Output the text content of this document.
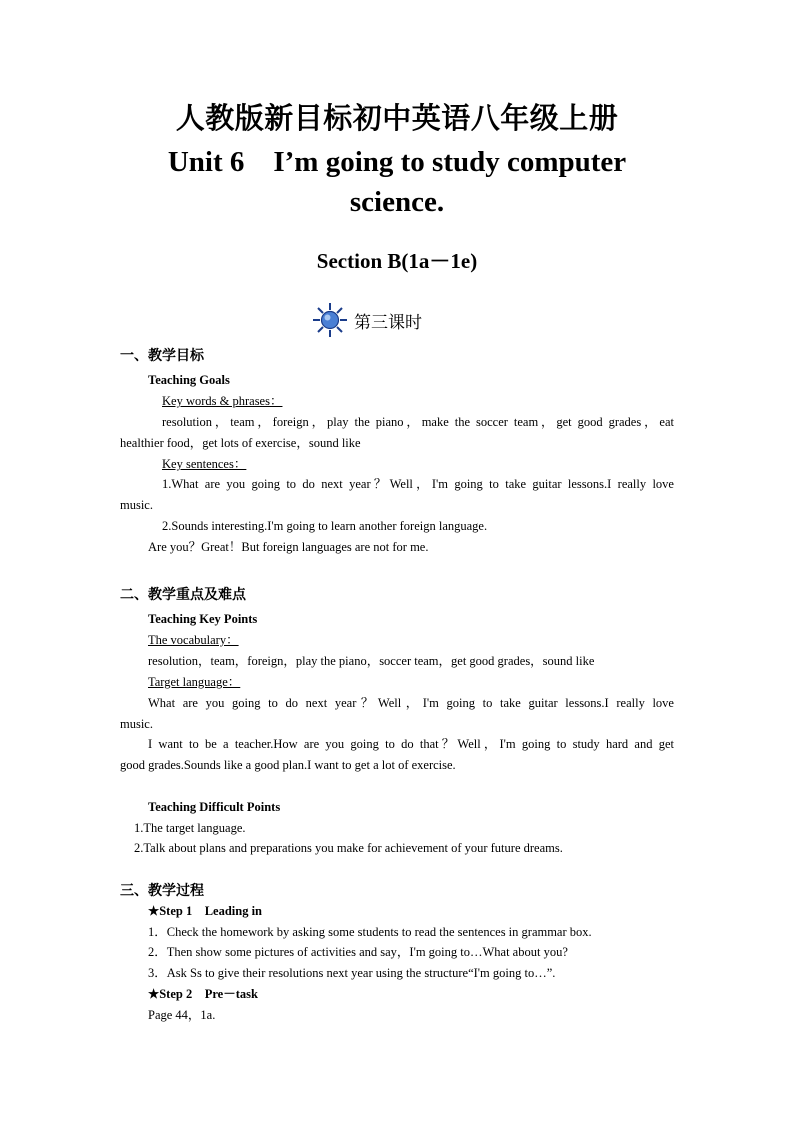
人教版新目标初中英语八年级上册
Unit 6　I’m going to study computer
science.
Section B(1a－1e)
第三课时
一、教学目标
Teaching Goals
Key words & phrases：
resolution，team，foreign，play the piano，make the soccer team，get good grades，eat
healthier food，get lots of exercise，sound like
Key sentences：
1.What are you going to do next year？Well，I'm going to take guitar lessons.I really love
music.
2.Sounds interesting.I'm going to learn another foreign language.
Are you？Great！But foreign languages are not for me.
二、教学重点及难点
Teaching Key Points
The vocabulary：
resolution，team，foreign，play the piano，soccer team，get good grades，sound like
Target language：
What are you going to do next year？Well，I'm going to take guitar lessons.I really love
music.
I want to be a teacher.How are you going to do that？Well，I'm going to study hard and get
good grades.Sounds like a good plan.I want to get a lot of exercise.
Teaching Difficult Points
1.The target language.
2.Talk about plans and preparations you make for achievement of your future dreams.
三、教学过程
★Step 1　Leading in
1．Check the homework by asking some students to read the sentences in grammar box.
2．Then show some pictures of activities and say，I'm going to…What about you?
3．Ask Ss to give their resolutions next year using the structure“I'm going to…”.
★Step 2　Pre－task
Page 44，1a.
